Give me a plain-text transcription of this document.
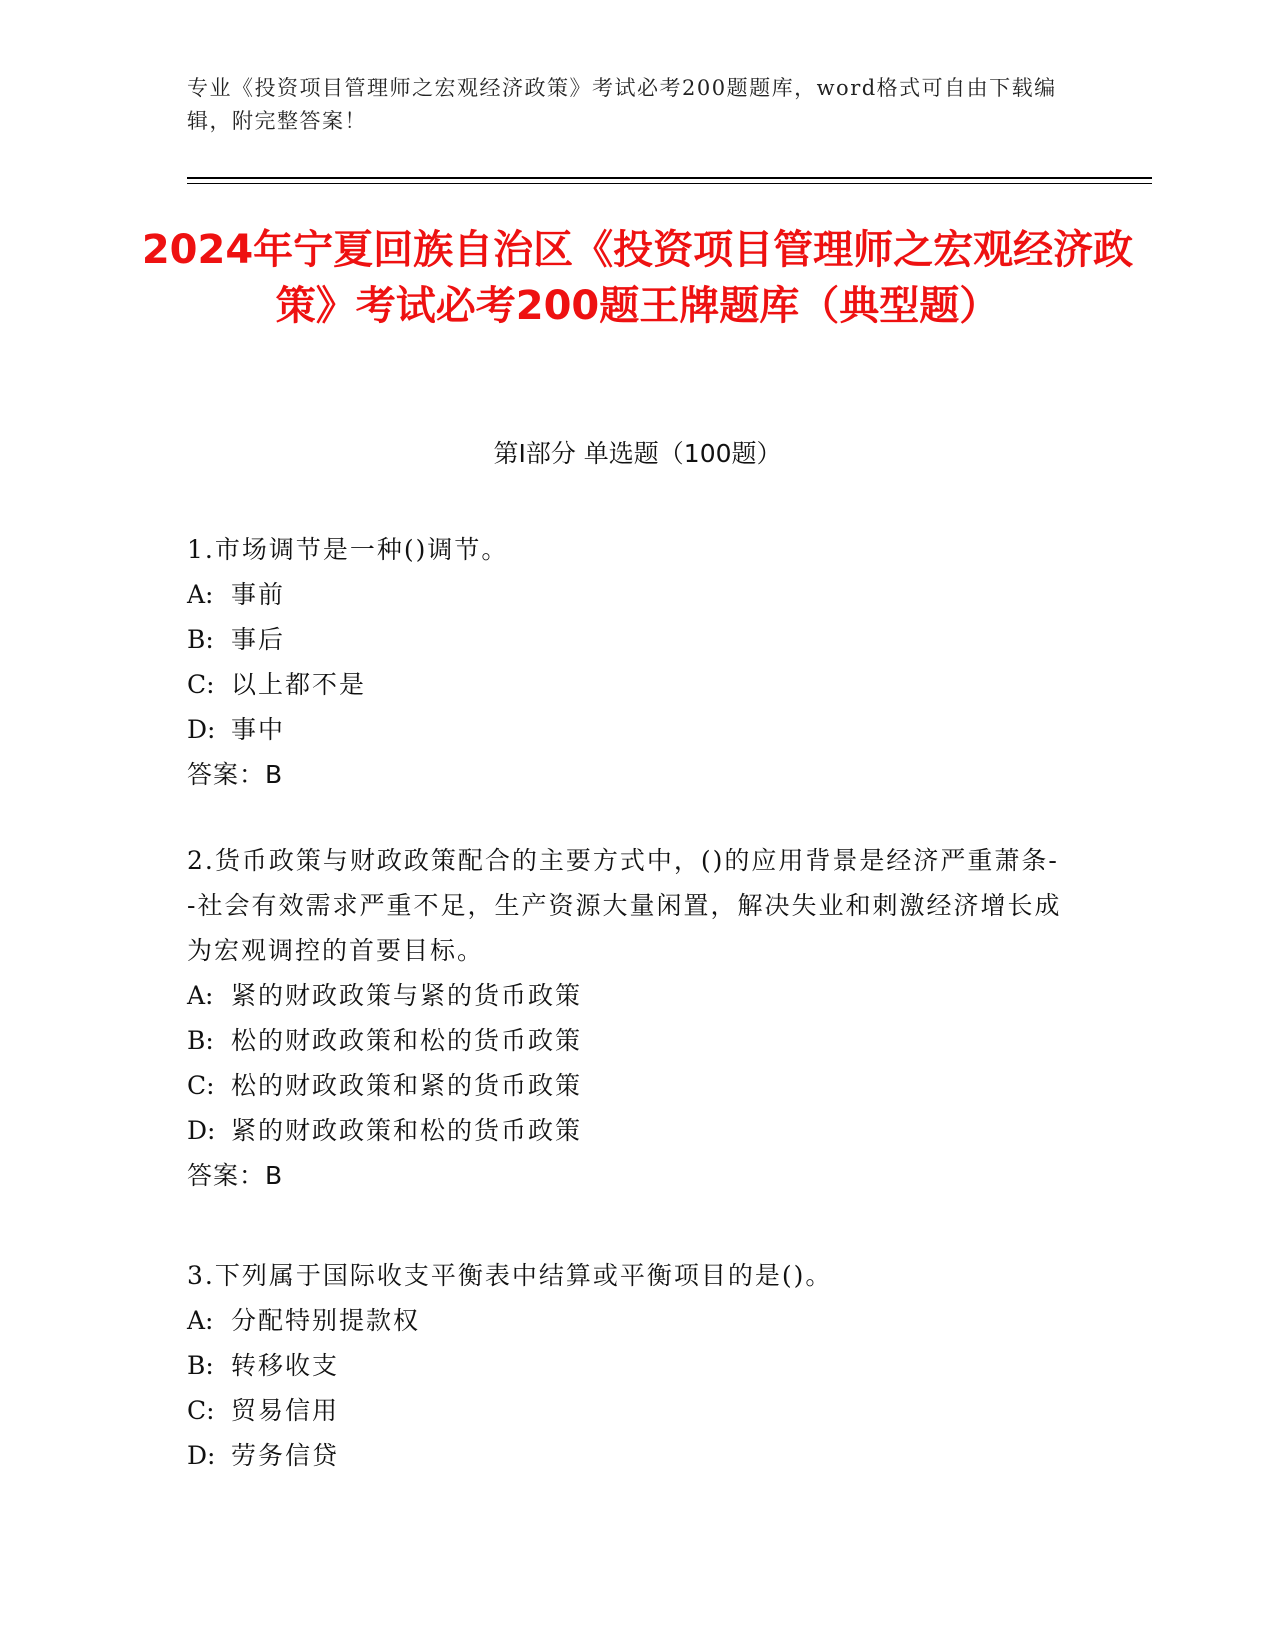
专业《投资项目管理师之宏观经济政策》考试必考200题题库，word格式可自由下载编辑，附完整答案！
2024年宁夏回族自治区《投资项目管理师之宏观经济政策》考试必考200题王牌题库（典型题）
第I部分 单选题（100题）
1.市场调节是一种()调节。
A: 事前
B: 事后
C: 以上都不是
D: 事中
答案：B
2.货币政策与财政政策配合的主要方式中，()的应用背景是经济严重萧条--社会有效需求严重不足，生产资源大量闲置，解决失业和刺激经济增长成为宏观调控的首要目标。
A: 紧的财政政策与紧的货币政策
B: 松的财政政策和松的货币政策
C: 松的财政政策和紧的货币政策
D: 紧的财政政策和松的货币政策
答案：B
3.下列属于国际收支平衡表中结算或平衡项目的是()。
A: 分配特别提款权
B: 转移收支
C: 贸易信用
D: 劳务信贷
